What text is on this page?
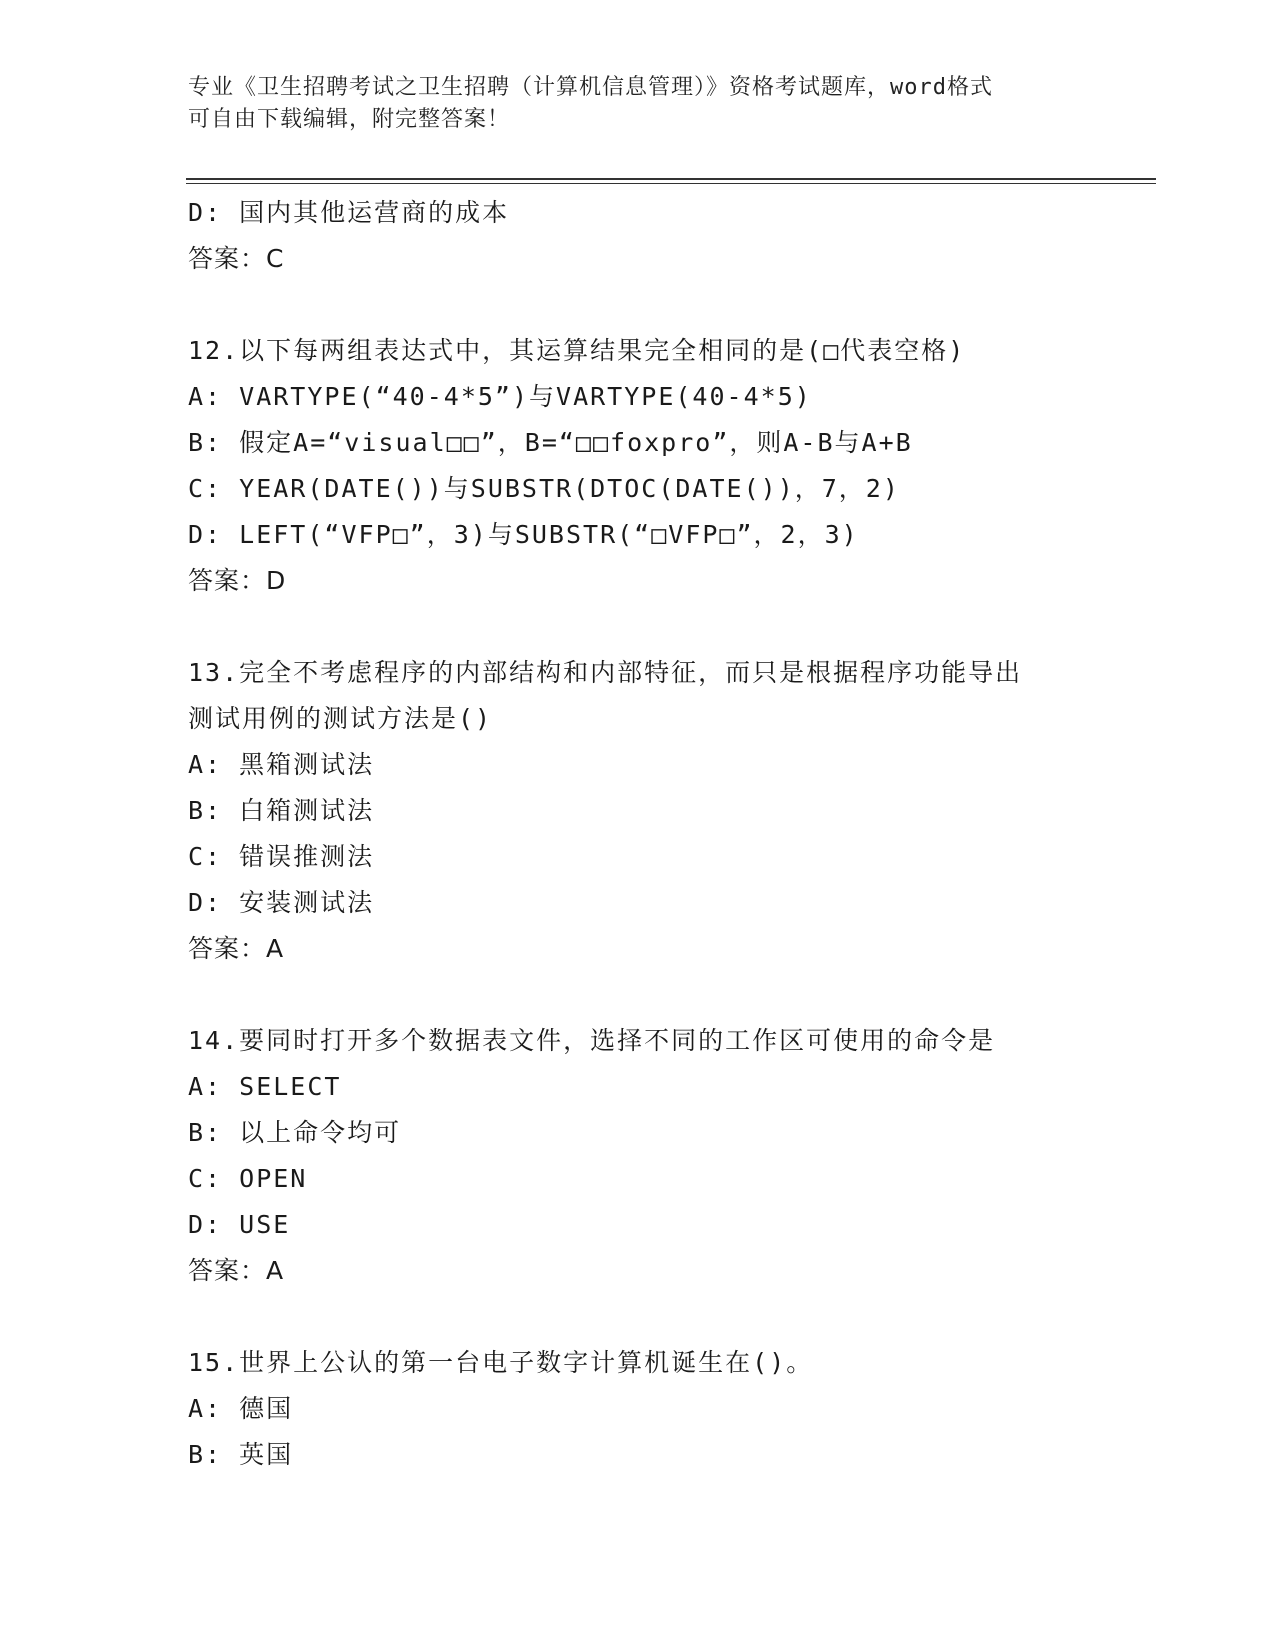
专业《卫生招聘考试之卫生招聘（计算机信息管理）》资格考试题库，word格式
可自由下载编辑，附完整答案！
D: 国内其他运营商的成本
答案：C
12.以下每两组表达式中，其运算结果完全相同的是(□代表空格)
A: VARTYPE(“40-4*5”)与VARTYPE(40-4*5)
B: 假定A=“visual□□”，B=“□□foxpro”，则A-B与A+B
C: YEAR(DATE())与SUBSTR(DTOC(DATE())，7，2)
D: LEFT(“VFP□”，3)与SUBSTR(“□VFP□”，2，3)
答案：D
13.完全不考虑程序的内部结构和内部特征，而只是根据程序功能导出
测试用例的测试方法是()
A: 黑箱测试法
B: 白箱测试法
C: 错误推测法
D: 安装测试法
答案：A
14.要同时打开多个数据表文件，选择不同的工作区可使用的命令是
A: SELECT
B: 以上命令均可
C: OPEN
D: USE
答案：A
15.世界上公认的第一台电子数字计算机诞生在()。
A: 德国
B: 英国
